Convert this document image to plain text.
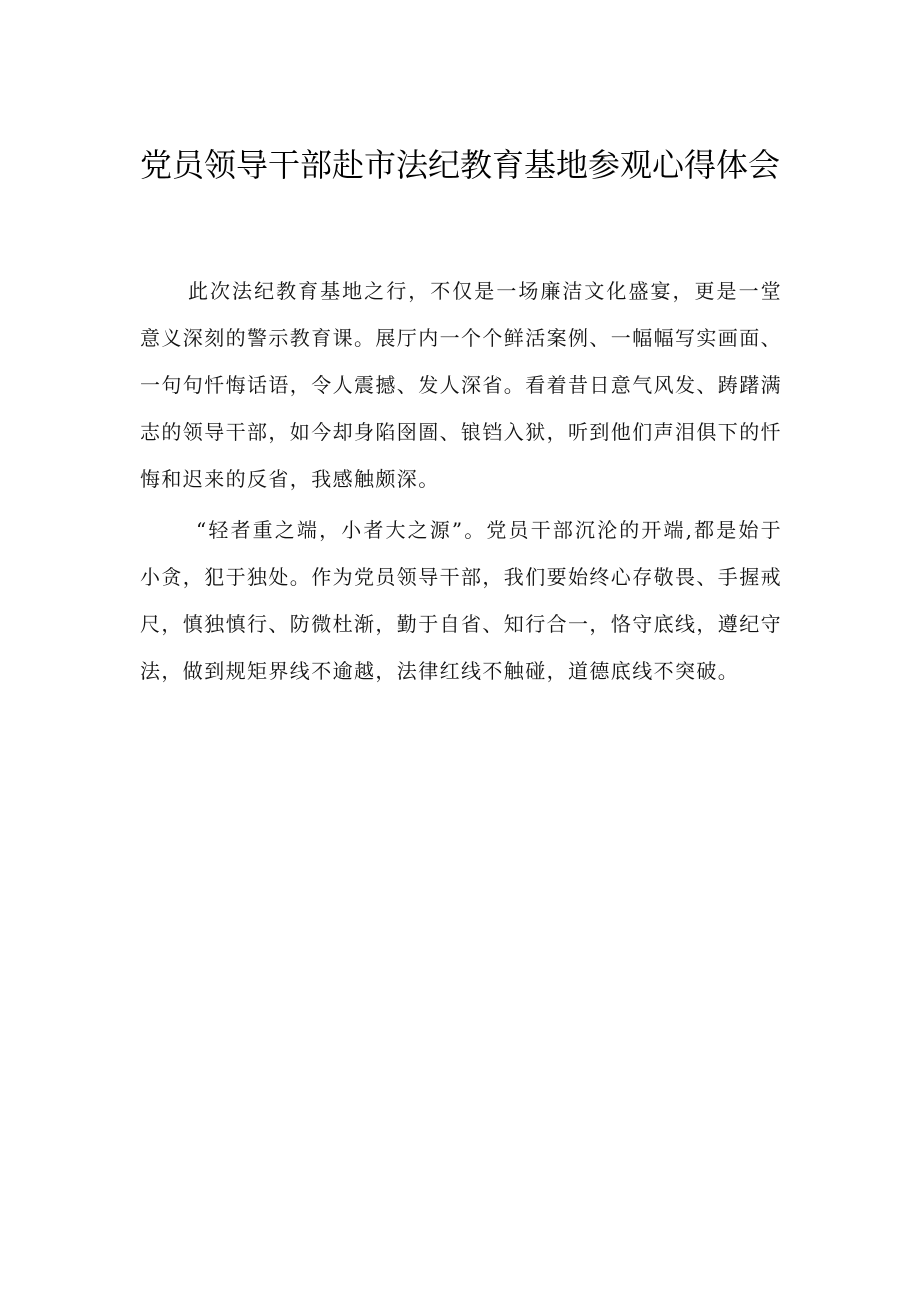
党员领导干部赴市法纪教育基地参观心得体会

此次法纪教育基地之行，不仅是一场廉洁文化盛宴，更是一堂意义深刻的警示教育课。展厅内一个个鲜活案例、一幅幅写实画面、一句句忏悔话语，令人震撼、发人深省。看着昔日意气风发、踌躇满志的领导干部，如今却身陷囹圄、锒铛入狱，听到他们声泪俱下的忏悔和迟来的反省，我感触颇深。

“轻者重之端，小者大之源”。党员干部沉沦的开端,都是始于小贪，犯于独处。作为党员领导干部，我们要始终心存敬畏、手握戒尺，慎独慎行、防微杜渐，勤于自省、知行合一，恪守底线，遵纪守法，做到规矩界线不逾越，法律红线不触碰，道德底线不突破。
